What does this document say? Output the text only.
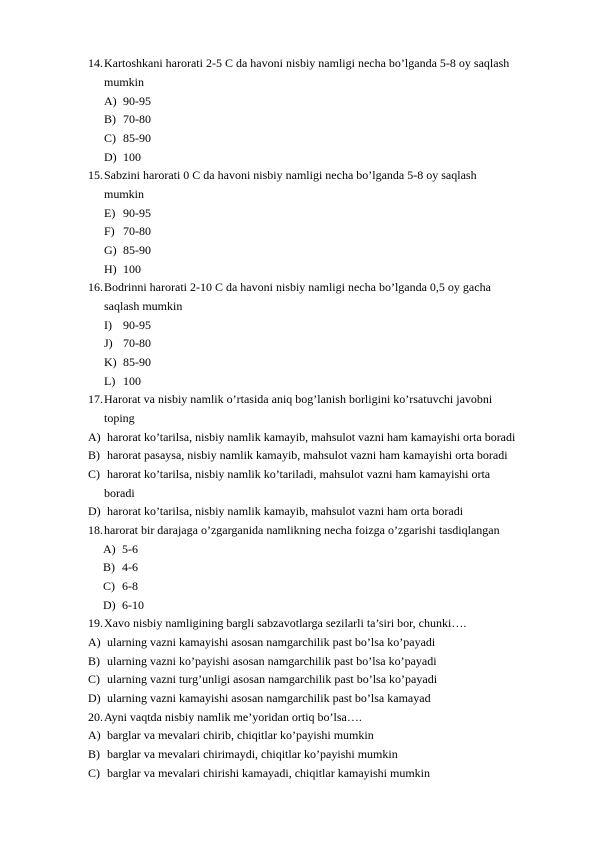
14.Kartoshkani harorati 2-5 C da havoni nisbiy namligi necha bo’lganda 5-8 oy saqlash
mumkin
A) 90-95
B) 70-80
C) 85-90
D) 100
15.Sabzini harorati 0 C da havoni nisbiy namligi necha bo’lganda 5-8 oy saqlash
mumkin
E) 90-95
F) 70-80
G) 85-90
H) 100
16.Bodrinni harorati 2-10 C da havoni nisbiy namligi necha bo’lganda 0,5 oy gacha
saqlash mumkin
I) 90-95
J) 70-80
K) 85-90
L) 100
17.Harorat va nisbiy namlik o’rtasida aniq bog’lanish borligini ko’rsatuvchi javobni
toping
A) harorat ko’tarilsa, nisbiy namlik kamayib, mahsulot vazni ham kamayishi orta boradi
B) harorat pasaysa, nisbiy namlik kamayib, mahsulot vazni ham kamayishi orta boradi
C) harorat ko’tarilsa, nisbiy namlik ko’tariladi, mahsulot vazni ham kamayishi orta
boradi
D) harorat ko’tarilsa, nisbiy namlik kamayib, mahsulot vazni ham orta boradi
18.harorat bir darajaga o’zgarganida namlikning necha foizga o’zgarishi tasdiqlangan
A) 5-6
B) 4-6
C) 6-8
D) 6-10
19.Xavo nisbiy namligining bargli sabzavotlarga sezilarli ta’siri bor, chunki….
A) ularning vazni kamayishi asosan namgarchilik past bo’lsa ko’payadi
B) ularning vazni ko’payishi asosan namgarchilik past bo’lsa ko’payadi
C) ularning vazni turg’unligi asosan namgarchilik past bo’lsa ko’payadi
D) ularning vazni kamayishi asosan namgarchilik past bo’lsa kamayad
20.Ayni vaqtda nisbiy namlik me’yoridan ortiq bo’lsa….
A) barglar va mevalari chirib, chiqitlar ko’payishi mumkin
B) barglar va mevalari chirimaydi, chiqitlar ko’payishi mumkin
C) barglar va mevalari chirishi kamayadi, chiqitlar kamayishi mumkin
